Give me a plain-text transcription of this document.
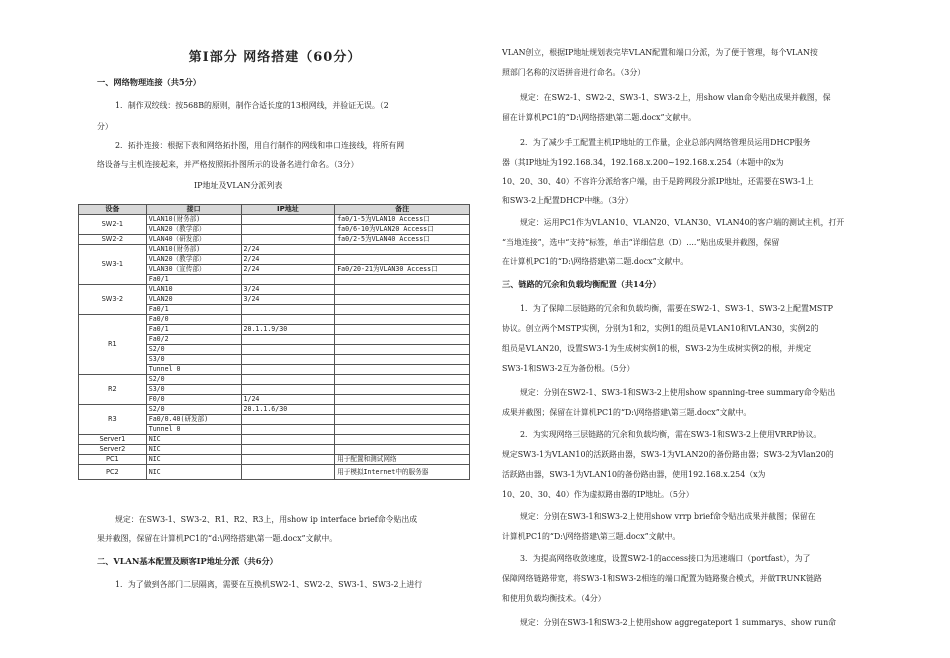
第Ⅰ部分 网络搭建（60分）
一、网络物理连接（共5分）
1．制作双绞线：按568B的原则，制作合适长度的13根网线，并验证无误。（2
分）
2．拓扑连接：根据下表和网络拓扑图，用自行制作的网线和串口连接线，将所有网
络设备与主机连接起来，并严格按照拓扑图所示的设备名进行命名。（3分）
IP地址及VLAN分派列表
设备	接口	IP地址	备注
SW2-1	VLAN10(财务部)		fa0/1-5为VLAN10 Access口
	VLAN20（教学部）		fa0/6-10为VLAN20 Access口
SW2-2	VLAN40（研发部）		fa0/2-5为VLAN40 Access口
SW3-1	VLAN10(财务部)	2/24	
	VLAN20（教学部）	2/24	
	VLAN30（宣传部）	2/24	Fa0/20-21为VLAN30 Access口
	Fa0/1		
SW3-2	VLAN10	3/24	
	VLAN20	3/24	
	Fa0/1		
R1	Fa0/0		
	Fa0/1	20.1.1.9/30	
	Fa0/2		
	S2/0		
	S3/0		
	Tunnel 0		
R2	S2/0		
	S3/0		
	F0/0	1/24	
R3	S2/0	20.1.1.6/30	
	Fa0/0.40(研发部)		
	Tunnel 0		
Server1	NIC		
Server2	NIC		
PC1	NIC		用于配置和测试网络
PC2	NIC		用于模拟Internet中的服务器
规定：在SW3-1、SW3-2、R1、R2、R3上，用show ip interface brief命令贴出成
果并截图，保留在计算机PC1的“d:\网络搭建\第一题.docx”文献中。
二、VLAN基本配置及顾客IP地址分派（共6分）
1．为了做到各部门二层隔离，需要在互换机SW2-1、SW2-2、SW3-1、SW3-2上进行
VLAN创立，根据IP地址规划表完毕VLAN配置和端口分派，为了便于管理，每个VLAN按
照部门名称的汉语拼音进行命名。（3分）
规定：在SW2-1、SW2-2、SW3-1、SW3-2上，用show vlan命令贴出成果并截图，保
留在计算机PC1的“D:\网络搭建\第二题.docx”文献中。
2．为了减少手工配置主机IP地址的工作量，企业总部内网络管理员运用DHCP服务
器（其IP地址为192.168.34，192.168.x.200~192.168.x.254（本题中的x为
10、20、30、40）不容许分派给客户端，由于是跨网段分派IP地址，还需要在SW3-1上
和SW3-2上配置DHCP中继。（3分）
规定：运用PC1作为VLAN10、VLAN20、VLAN30、VLAN40的客户端的测试主机，打开
“当地连接”，选中“支持”标签，单击“详细信息（D）....”贴出成果并截图，保留
在计算机PC1的“D:\网络搭建\第二题.docx”文献中。
三、链路的冗余和负载均衡配置（共14分）
1．为了保障二层链路的冗余和负载均衡，需要在SW2-1、SW3-1、SW3-2上配置MSTP
协议。创立两个MSTP实例，分别为1和2，实例1的组员是VLAN10和VLAN30，实例2的
组员是VLAN20，设置SW3-1为生成树实例1的根，SW3-2为生成树实例2的根，并规定
SW3-1和SW3-2互为备份根。（5分）
规定：分别在SW2-1、SW3-1和SW3-2上使用show spanning-tree summary命令贴出
成果并截图；保留在计算机PC1的“D:\网络搭建\第三题.docx”文献中。
2．为实现网络三层链路的冗余和负载均衡，需在SW3-1和SW3-2上使用VRRP协议。
规定SW3-1为VLAN10的活跃路由器，SW3-1为VLAN20的备份路由器；SW3-2为Vlan20的
活跃路由器，SW3-1为VLAN10的备份路由器，使用192.168.x.254（x为
10、20、30、40）作为虚拟路由器的IP地址。（5分）
规定：分别在SW3-1和SW3-2上使用show vrrp brief命令贴出成果并截图；保留在
计算机PC1的“D:\网络搭建\第三题.docx”文献中。
3．为提高网络收敛速度，设置SW2-1的access接口为迅速端口（portfast），为了
保障网络链路带宽，将SW3-1和SW3-2相连的端口配置为链路聚合模式，并做TRUNK链路
和使用负载均衡技术。（4分）
规定：分别在SW3-1和SW3-2上使用show aggregateport 1 summarys、show run命
